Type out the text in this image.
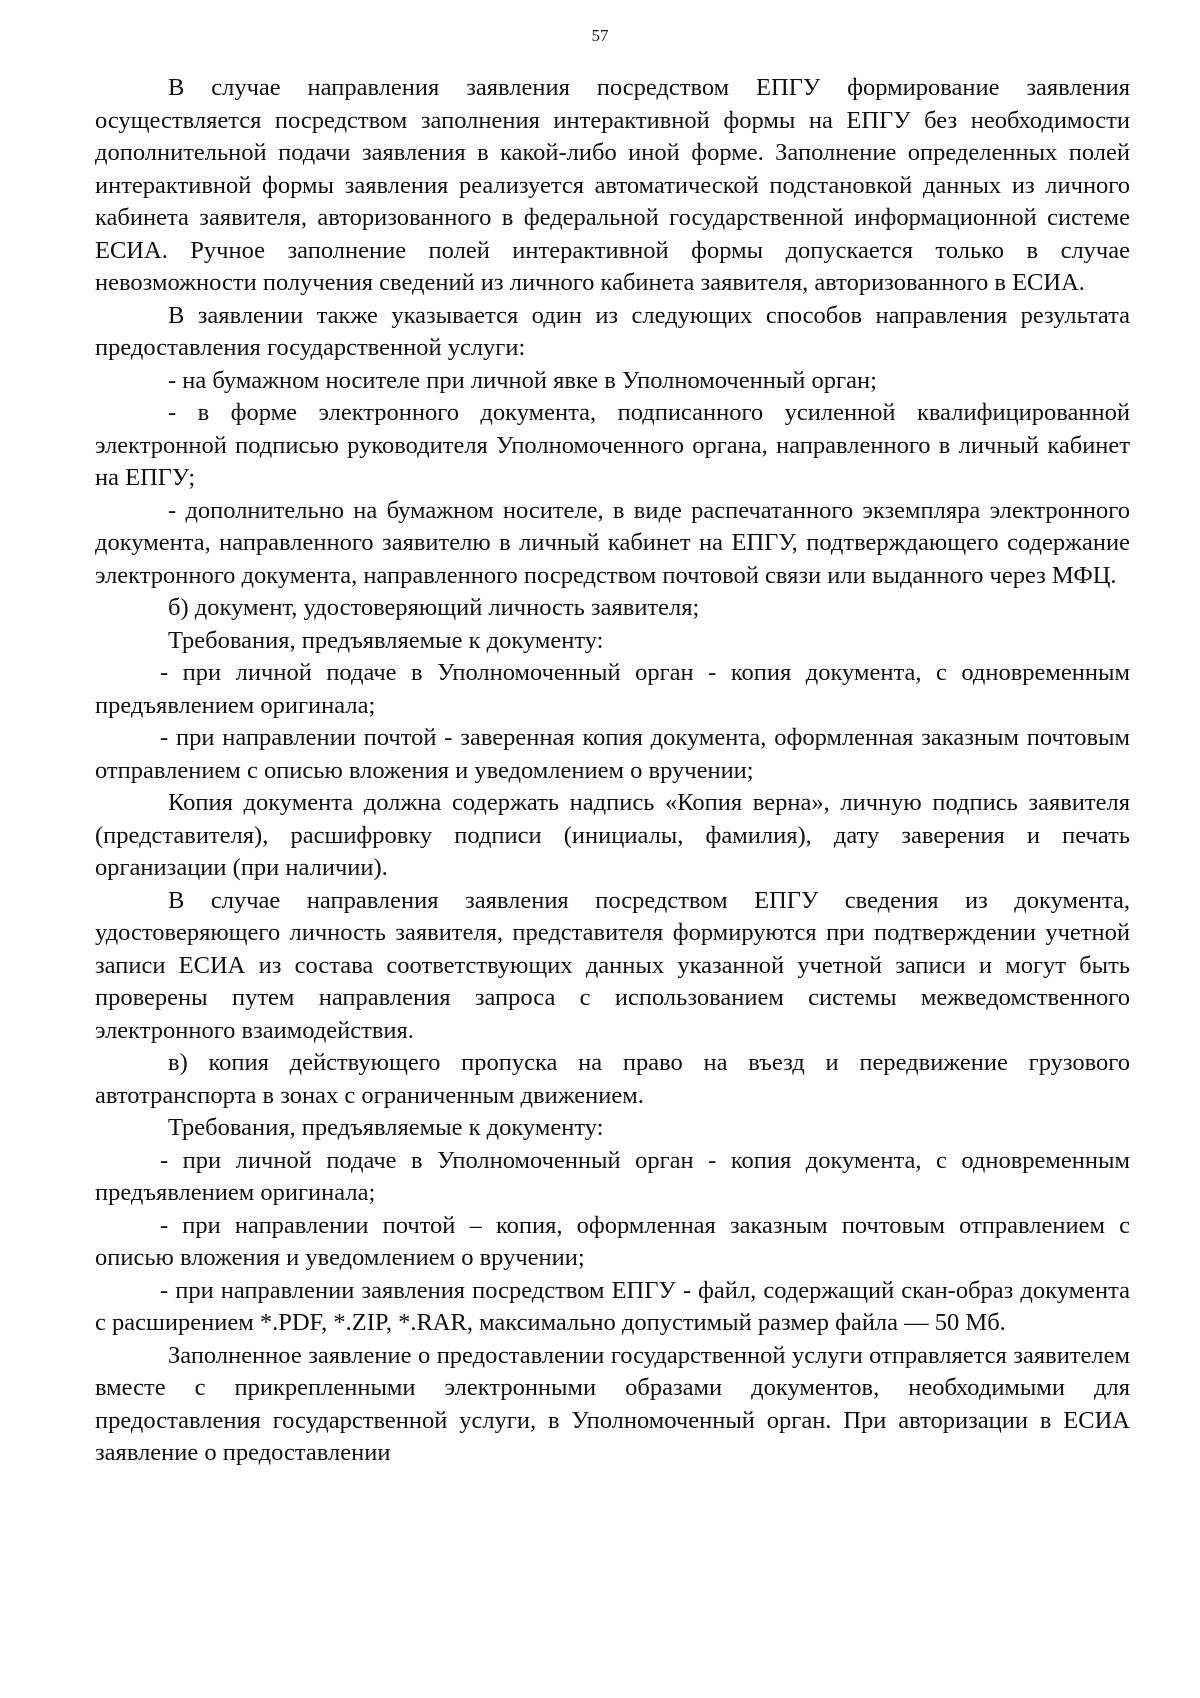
57

В случае направления заявления посредством ЕПГУ формирование заявления осуществляется посредством заполнения интерактивной формы на ЕПГУ без необходимости дополнительной подачи заявления в какой-либо иной форме. Заполнение определенных полей интерактивной формы заявления реализуется автоматической подстановкой данных из личного кабинета заявителя, авторизованного в федеральной государственной информационной системе ЕСИА. Ручное заполнение полей интерактивной формы допускается только в случае невозможности получения сведений из личного кабинета заявителя, авторизованного в ЕСИА.

В заявлении также указывается один из следующих способов направления результата предоставления государственной услуги:

- на бумажном носителе при личной явке в Уполномоченный орган;

- в форме электронного документа, подписанного усиленной квалифицированной электронной подписью руководителя Уполномоченного органа, направленного в личный кабинет на ЕПГУ;

- дополнительно на бумажном носителе, в виде распечатанного экземпляра электронного документа, направленного заявителю в личный кабинет на ЕПГУ, подтверждающего содержание электронного документа, направленного посредством почтовой связи или выданного через МФЦ.

б) документ, удостоверяющий личность заявителя;

Требования, предъявляемые к документу:

- при личной подаче в Уполномоченный орган - копия документа, с одновременным предъявлением оригинала;

- при направлении почтой - заверенная копия документа, оформленная заказным почтовым отправлением с описью вложения и уведомлением о вручении;

Копия документа должна содержать надпись «Копия верна», личную подпись заявителя (представителя), расшифровку подписи (инициалы, фамилия), дату заверения и печать организации (при наличии).

В случае направления заявления посредством ЕПГУ сведения из документа, удостоверяющего личность заявителя, представителя формируются при подтверждении учетной записи ЕСИА из состава соответствующих данных указанной учетной записи и могут быть проверены путем направления запроса с использованием системы межведомственного электронного взаимодействия.

в) копия действующего пропуска на право на въезд и передвижение грузового автотранспорта в зонах с ограниченным движением.

Требования, предъявляемые к документу:

- при личной подаче в Уполномоченный орган - копия документа, с одновременным предъявлением оригинала;

- при направлении почтой – копия, оформленная заказным почтовым отправлением с описью вложения и уведомлением о вручении;

- при направлении заявления посредством ЕПГУ - файл, содержащий скан-образ документа с расширением *.PDF, *.ZIP, *.RAR, максимально допустимый размер файла — 50 Мб.

Заполненное заявление о предоставлении государственной услуги отправляется заявителем вместе с прикрепленными электронными образами документов, необходимыми для предоставления государственной услуги, в Уполномоченный орган. При авторизации в ЕСИА заявление о предоставлении
